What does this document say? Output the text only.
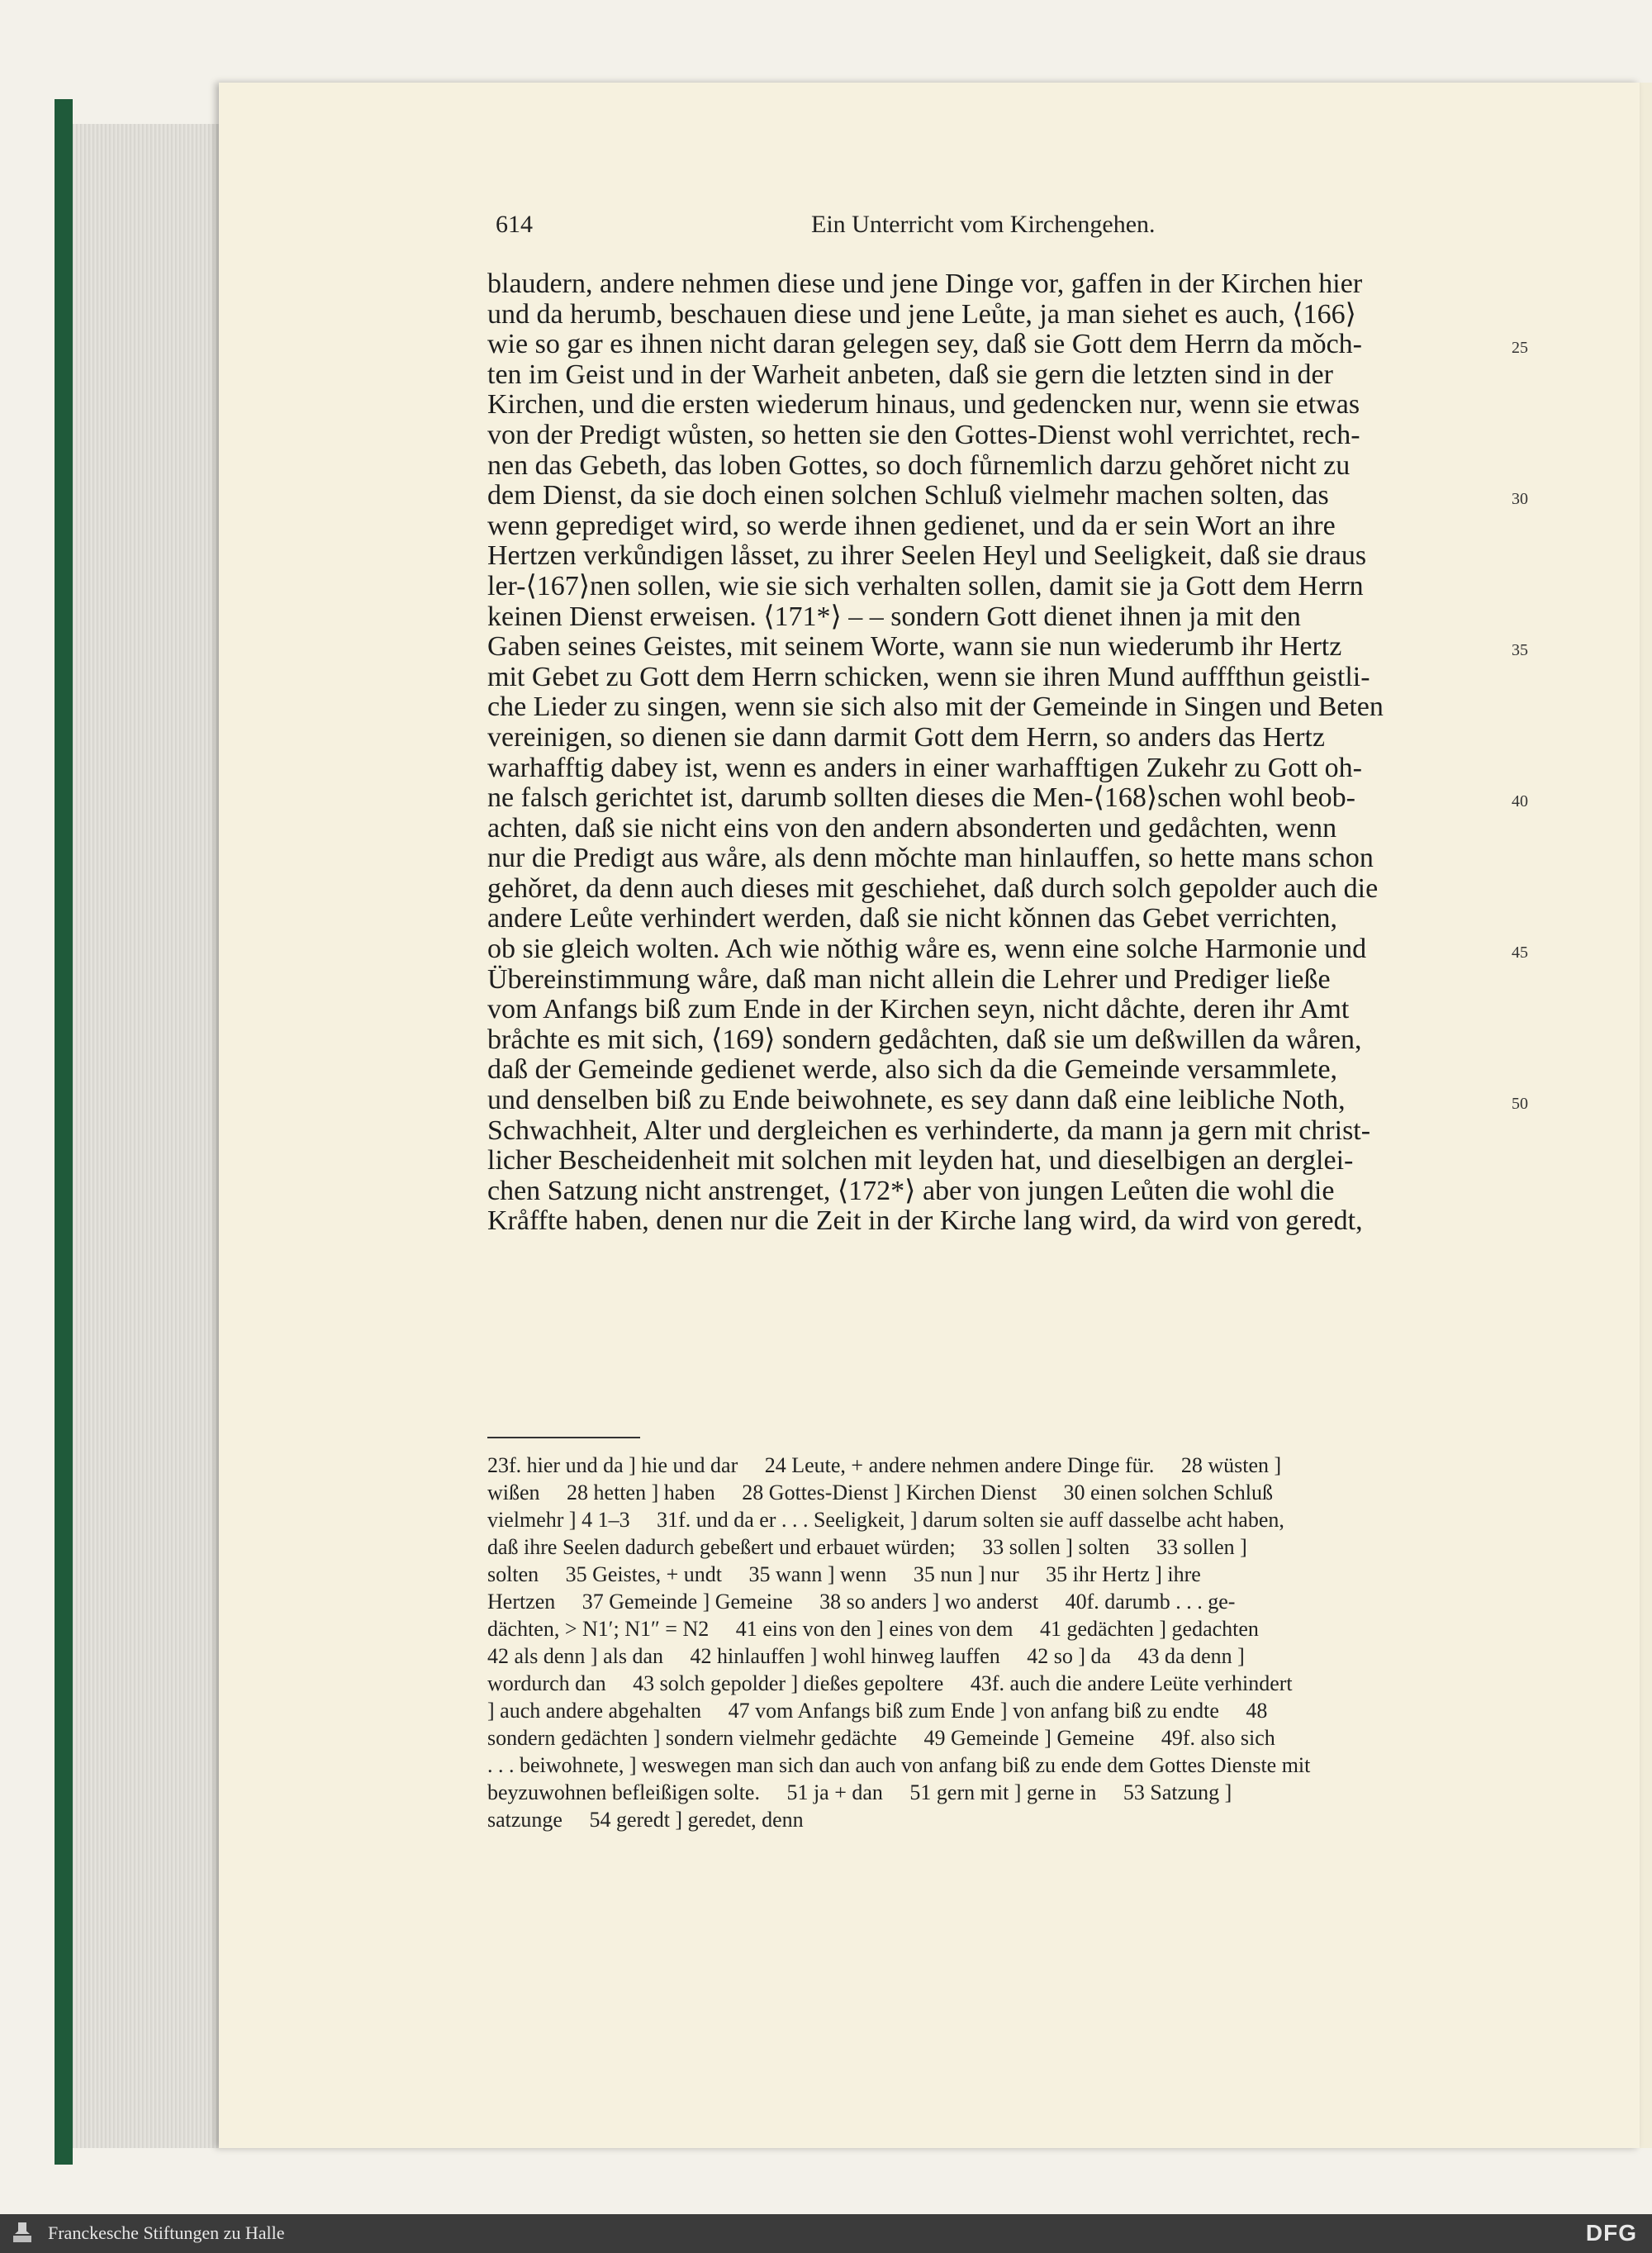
614	Ein Unterricht vom Kirchengehen.
blaudern, andere nehmen diese und jene Dinge vor, gaffen in der Kirchen hier
und da herumb, beschauen diese und jene Leůte, ja man siehet es auch, ⟨166⟩
wie so gar es ihnen nicht daran gelegen sey, daß sie Gott dem Herrn da mǒch-	25
ten im Geist und in der Warheit anbeten, daß sie gern die letzten sind in der
Kirchen, und die ersten wiederum hinaus, und gedencken nur, wenn sie etwas
von der Predigt wůsten, so hetten sie den Gottes-Dienst wohl verrichtet, rech-
nen das Gebeth, das loben Gottes, so doch fůrnemlich darzu gehǒret nicht zu
dem Dienst, da sie doch einen solchen Schluß vielmehr machen solten, das	30
wenn geprediget wird, so werde ihnen gedienet, und da er sein Wort an ihre
Hertzen verkůndigen låsset, zu ihrer Seelen Heyl und Seeligkeit, daß sie draus
ler-⟨167⟩nen sollen, wie sie sich verhalten sollen, damit sie ja Gott dem Herrn
keinen Dienst erweisen. ⟨171*⟩ – – sondern Gott dienet ihnen ja mit den
Gaben seines Geistes, mit seinem Worte, wann sie nun wiederumb ihr Hertz	35
mit Gebet zu Gott dem Herrn schicken, wenn sie ihren Mund aufffthun geistli-
che Lieder zu singen, wenn sie sich also mit der Gemeinde in Singen und Beten
vereinigen, so dienen sie dann darmit Gott dem Herrn, so anders das Hertz
warhafftig dabey ist, wenn es anders in einer warhafftigen Zukehr zu Gott oh-
ne falsch gerichtet ist, darumb sollten dieses die Men-⟨168⟩schen wohl beob-	40
achten, daß sie nicht eins von den andern absonderten und gedåchten, wenn
nur die Predigt aus wåre, als denn mǒchte man hinlauffen, so hette mans schon
gehǒret, da denn auch dieses mit geschiehet, daß durch solch gepolder auch die
andere Leůte verhindert werden, daß sie nicht kǒnnen das Gebet verrichten,
ob sie gleich wolten. Ach wie nǒthig wåre es, wenn eine solche Harmonie und	45
Übereinstimmung wåre, daß man nicht allein die Lehrer und Prediger ließe
vom Anfangs biß zum Ende in der Kirchen seyn, nicht dåchte, deren ihr Amt
bråchte es mit sich, ⟨169⟩ sondern gedåchten, daß sie um deßwillen da wåren,
daß der Gemeinde gedienet werde, also sich da die Gemeinde versammlete,
und denselben biß zu Ende beiwohnete, es sey dann daß eine leibliche Noth,	50
Schwachheit, Alter und dergleichen es verhinderte, da mann ja gern mit christ-
licher Bescheidenheit mit solchen mit leyden hat, und dieselbigen an derglei-
chen Satzung nicht anstrenget, ⟨172*⟩ aber von jungen Leůten die wohl die
Kråffte haben, denen nur die Zeit in der Kirche lang wird, da wird von geredt,
23f. hier und da ] hie und dar     24 Leute, + andere nehmen andere Dinge für.     28 wüsten ]
wißen     28 hetten ] haben     28 Gottes-Dienst ] Kirchen Dienst     30 einen solchen Schluß
vielmehr ] 4 1–3     31f. und da er . . . Seeligkeit, ] darum solten sie auff dasselbe acht haben,
daß ihre Seelen dadurch gebeßert und erbauet würden;     33 sollen ] solten     33 sollen ]
solten     35 Geistes, + undt     35 wann ] wenn     35 nun ] nur     35 ihr Hertz ] ihre
Hertzen     37 Gemeinde ] Gemeine     38 so anders ] wo anderst     40f. darumb . . . ge-
dächten, > N1′; N1″ = N2     41 eins von den ] eines von dem     41 gedächten ] gedachten
42 als denn ] als dan     42 hinlauffen ] wohl hinweg lauffen     42 so ] da     43 da denn ]
wordurch dan     43 solch gepolder ] dießes gepoltere     43f. auch die andere Leüte verhindert
] auch andere abgehalten     47 vom Anfangs biß zum Ende ] von anfang biß zu endte     48
sondern gedächten ] sondern vielmehr gedächte     49 Gemeinde ] Gemeine     49f. also sich
. . . beiwohnete, ] weswegen man sich dan auch von anfang biß zu ende dem Gottes Dienste mit
beyzuwohnen befleißigen solte.     51 ja + dan     51 gern mit ] gerne in     53 Satzung ]
satzunge     54 geredt ] geredet, denn
Franckesche Stiftungen zu Halle	DFG
